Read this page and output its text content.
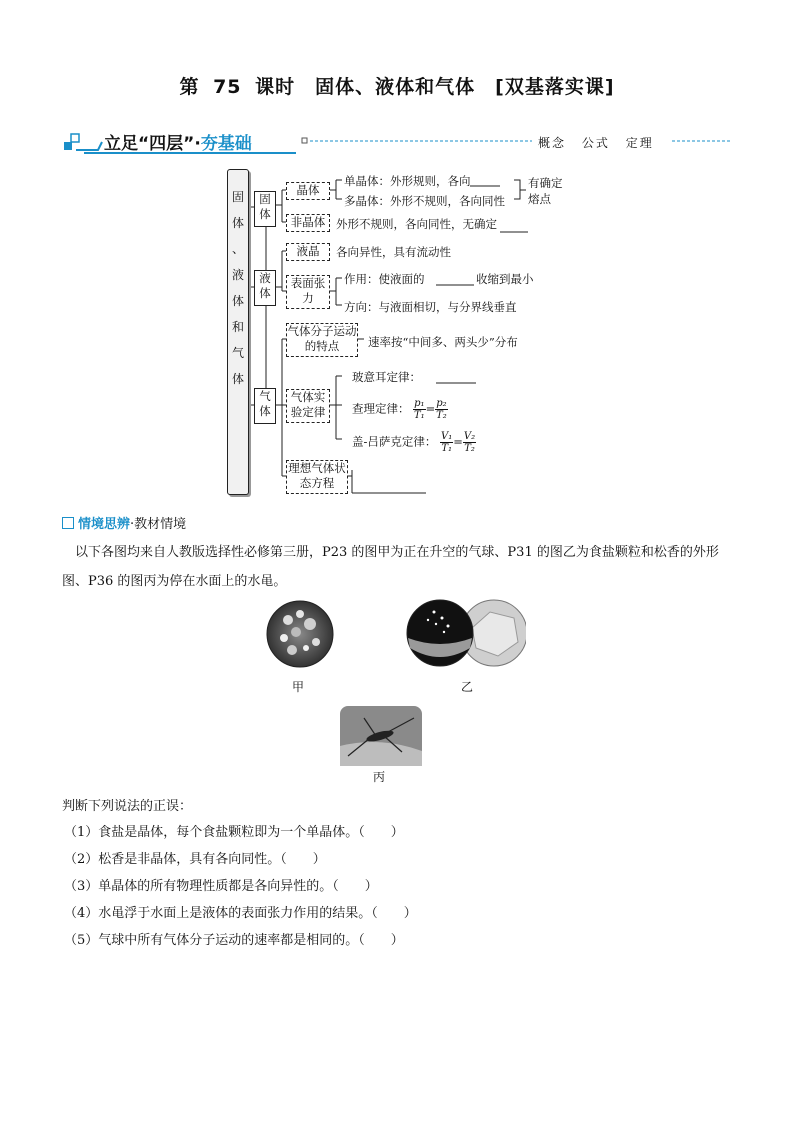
第 75 课时　固体、液体和气体　[双基落实课]
立足“四层”·夯基础	概念 公式 定理
固
体
、
液
体
和
气
体
固体
晶体
单晶体：外形规则，各向
多晶体：外形不规则，各向同性
有确定
熔点
非晶体 外形不规则，各向同性，无确定
液体
液晶	各向异性，具有流动性
表面张力
作用：使液面的	收缩到最小
方向：与液面相切，与分界线垂直
气体
气体分子运动的特点	速率按“中间多、两头少”分布
气体实验定律
玻意耳定律：
查理定律： $\frac{\text{p₁}}{\text{T₁}} = \frac{\text{p₂}}{\text{T₂}}$
盖-吕萨克定律： $\frac{\text{V₁}}{\text{T₁}} = \frac{\text{V₂}}{\text{T₂}}$
理想气体状态方程
情境思辨·教材情境
以下各图均来自人教版选择性必修第三册，P23 的图甲为正在升空的气球、P31 的图乙为食盐颗粒和松香的外形图、P36 的图丙为停在水面上的水黾。
甲	乙
丙
判断下列说法的正误：
（1）食盐是晶体，每个食盐颗粒即为一个单晶体。（　　）
（2）松香是非晶体，具有各向同性。（　　）
（3）单晶体的所有物理性质都是各向异性的。（　　）
（4）水黾浮于水面上是液体的表面张力作用的结果。（　　）
（5）气球中所有气体分子运动的速率都是相同的。（　　）
